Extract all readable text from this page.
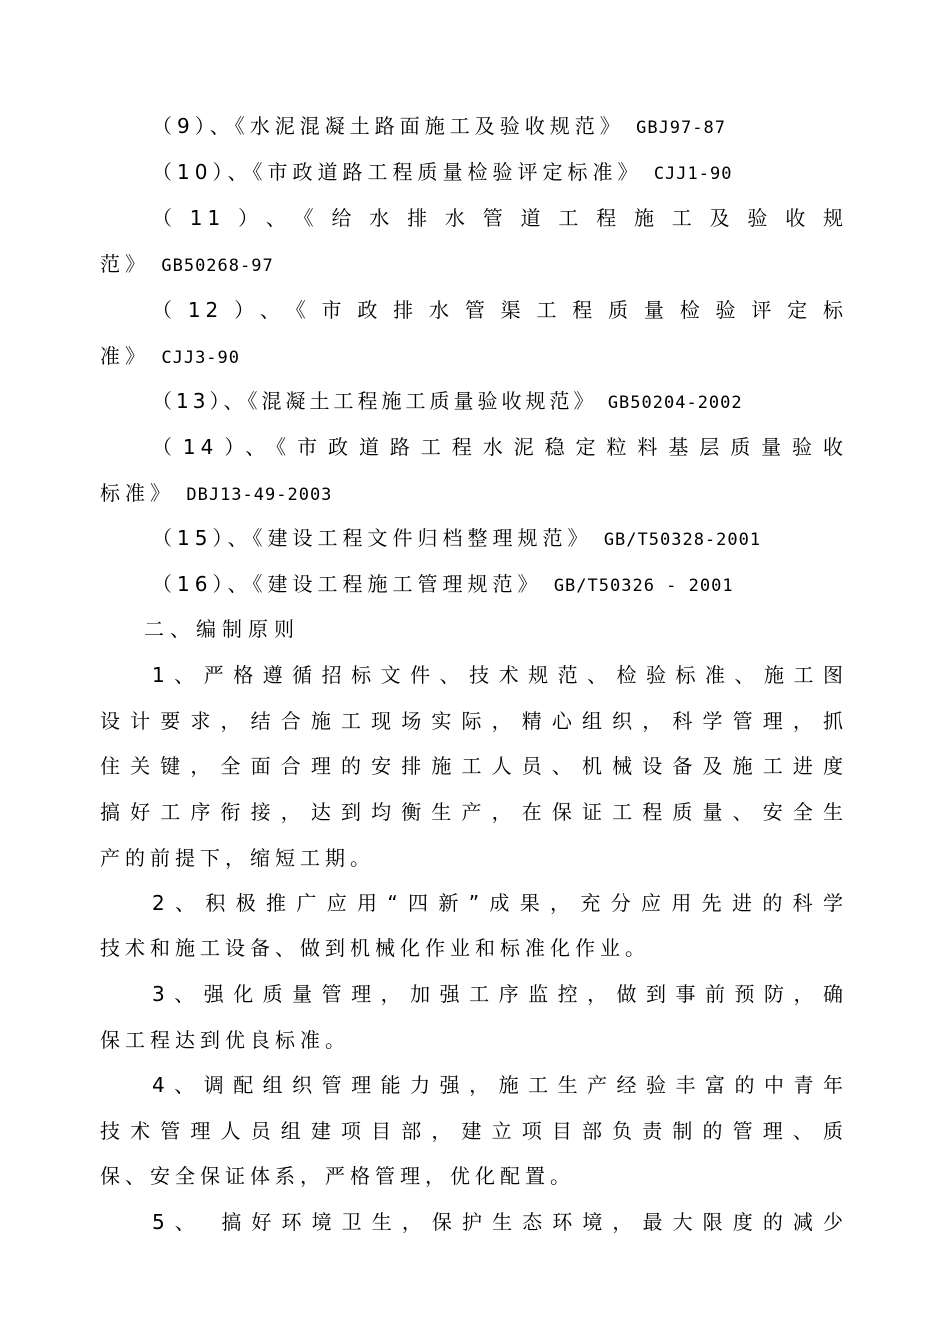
（9）、《水泥混凝土路面施工及验收规范》 GBJ97-87
（10）、《市政道路工程质量检验评定标准》 CJJ1-90
（11）、《给水排水管道工程施工及验收规
范》 GB50268-97
（12）、《市政排水管渠工程质量检验评定标
准》 CJJ3-90
（13）、《混凝土工程施工质量验收规范》 GB50204-2002
（14）、《市政道路工程水泥稳定粒料基层质量验收
标准》 DBJ13-49-2003
（15）、《建设工程文件归档整理规范》 GB/T50328-2001
（16）、《建设工程施工管理规范》 GB/T50326 - 2001
二、编制原则
1、严格遵循招标文件、技术规范、检验标准、施工图
设计要求，结合施工现场实际，精心组织，科学管理，抓
住关键，全面合理的安排施工人员、机械设备及施工进度
搞好工序衔接，达到均衡生产，在保证工程质量、安全生
产的前提下，缩短工期。
2、积极推广应用“四新”成果，充分应用先进的科学
技术和施工设备、做到机械化作业和标准化作业。
3、强化质量管理，加强工序监控，做到事前预防，确
保工程达到优良标准。
4、调配组织管理能力强，施工生产经验丰富的中青年
技术管理人员组建项目部，建立项目部负责制的管理、质
保、安全保证体系，严格管理，优化配置。
5、 搞好环境卫生，保护生态环境，最大限度的减少
